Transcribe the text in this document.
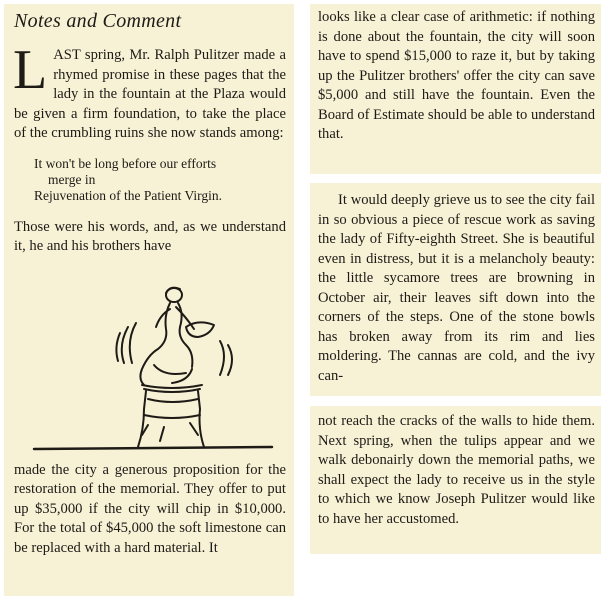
Notes and Comment

LAST spring, Mr. Ralph Pulitzer made a rhymed promise in these pages that the lady in the fountain at the Plaza would be given a firm foundation, to take the place of the crumbling ruins she now stands among:

It won't be long before our efforts
merge in
Rejuvenation of the Patient Virgin.

Those were his words, and, as we understand it, he and his brothers have

made the city a generous proposition for the restoration of the memorial. They offer to put up $35,000 if the city will chip in $10,000. For the total of $45,000 the soft limestone can be replaced with a hard material. It

looks like a clear case of arithmetic: if nothing is done about the fountain, the city will soon have to spend $15,000 to raze it, but by taking up the Pulitzer brothers' offer the city can save $5,000 and still have the fountain. Even the Board of Estimate should be able to understand that.

It would deeply grieve us to see the city fail in so obvious a piece of rescue work as saving the lady of Fifty-eighth Street. She is beautiful even in distress, but it is a melancholy beauty: the little sycamore trees are browning in October air, their leaves sift down into the corners of the steps. One of the stone bowls has broken away from its rim and lies moldering. The cannas are cold, and the ivy can-

not reach the cracks of the walls to hide them. Next spring, when the tulips appear and we walk debonairly down the memorial paths, we shall expect the lady to receive us in the style to which we know Joseph Pulitzer would like to have her accustomed.
